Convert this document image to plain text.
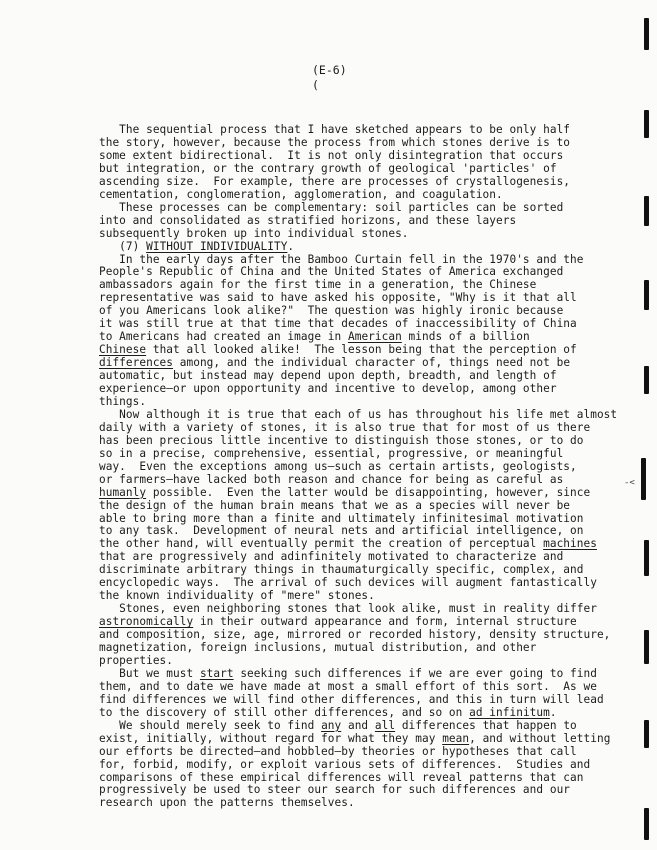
(E-6)
(
The sequential process that I have sketched appears to be only half
the story, however, because the process from which stones derive is to
some extent bidirectional.  It is not only disintegration that occurs
but integration, or the contrary growth of geological 'particles' of
ascending size.  For example, there are processes of crystallogenesis,
cementation, conglomeration, agglomeration, and coagulation.
These processes can be complementary: soil particles can be sorted
into and consolidated as stratified horizons, and these layers
subsequently broken up into individual stones.
(7) WITHOUT INDIVIDUALITY.
In the early days after the Bamboo Curtain fell in the 1970's and the
People's Republic of China and the United States of America exchanged
ambassadors again for the first time in a generation, the Chinese
representative was said to have asked his opposite, "Why is it that all
of you Americans look alike?"  The question was highly ironic because
it was still true at that time that decades of inaccessibility of China
to Americans had created an image in American minds of a billion
Chinese that all looked alike!  The lesson being that the perception of
differences among, and the individual character of, things need not be
automatic, but instead may depend upon depth, breadth, and length of
experience—or upon opportunity and incentive to develop, among other
things.
Now although it is true that each of us has throughout his life met almost
daily with a variety of stones, it is also true that for most of us there
has been precious little incentive to distinguish those stones, or to do
so in a precise, comprehensive, essential, progressive, or meaningful
way.  Even the exceptions among us—such as certain artists, geologists,
or farmers—have lacked both reason and chance for being as careful as
humanly possible.  Even the latter would be disappointing, however, since
the design of the human brain means that we as a species will never be
able to bring more than a finite and ultimately infinitesimal motivation
to any task.  Development of neural nets and artificial intelligence, on
the other hand, will eventually permit the creation of perceptual machines
that are progressively and adinfinitely motivated to characterize and
discriminate arbitrary things in thaumaturgically specific, complex, and
encyclopedic ways.  The arrival of such devices will augment fantastically
the known individuality of "mere" stones.
Stones, even neighboring stones that look alike, must in reality differ
astronomically in their outward appearance and form, internal structure
and composition, size, age, mirrored or recorded history, density structure,
magnetization, foreign inclusions, mutual distribution, and other
properties.
But we must start seeking such differences if we are ever going to find
them, and to date we have made at most a small effort of this sort.  As we
find differences we will find other differences, and this in turn will lead
to the discovery of still other differences, and so on ad infinitum.
We should merely seek to find any and all differences that happen to
exist, initially, without regard for what they may mean, and without letting
our efforts be directed—and hobbled—by theories or hypotheses that call
for, forbid, modify, or exploit various sets of differences.  Studies and
comparisons of these empirical differences will reveal patterns that can
progressively be used to steer our search for such differences and our
research upon the patterns themselves.
-<
